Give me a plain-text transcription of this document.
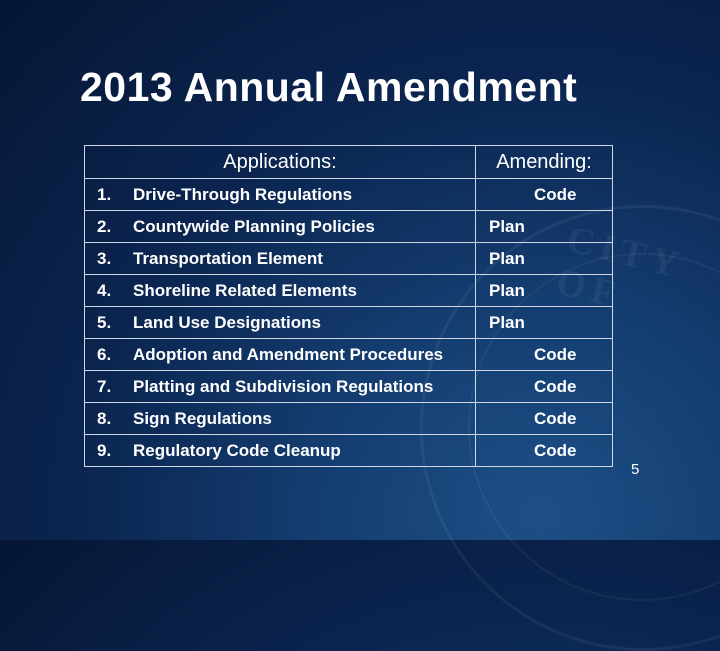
CITY OF
2013 Annual Amendment
Applications:	Amending:

1. Drive-Through Regulations	Code

2. Countywide Planning Policies	Plan

3. Transportation Element	Plan

4. Shoreline Related Elements	Plan

5. Land Use Designations	Plan

6. Adoption and Amendment Procedures	Code

7. Platting and Subdivision Regulations	Code

8. Sign Regulations	Code

9. Regulatory Code Cleanup	Code
5
